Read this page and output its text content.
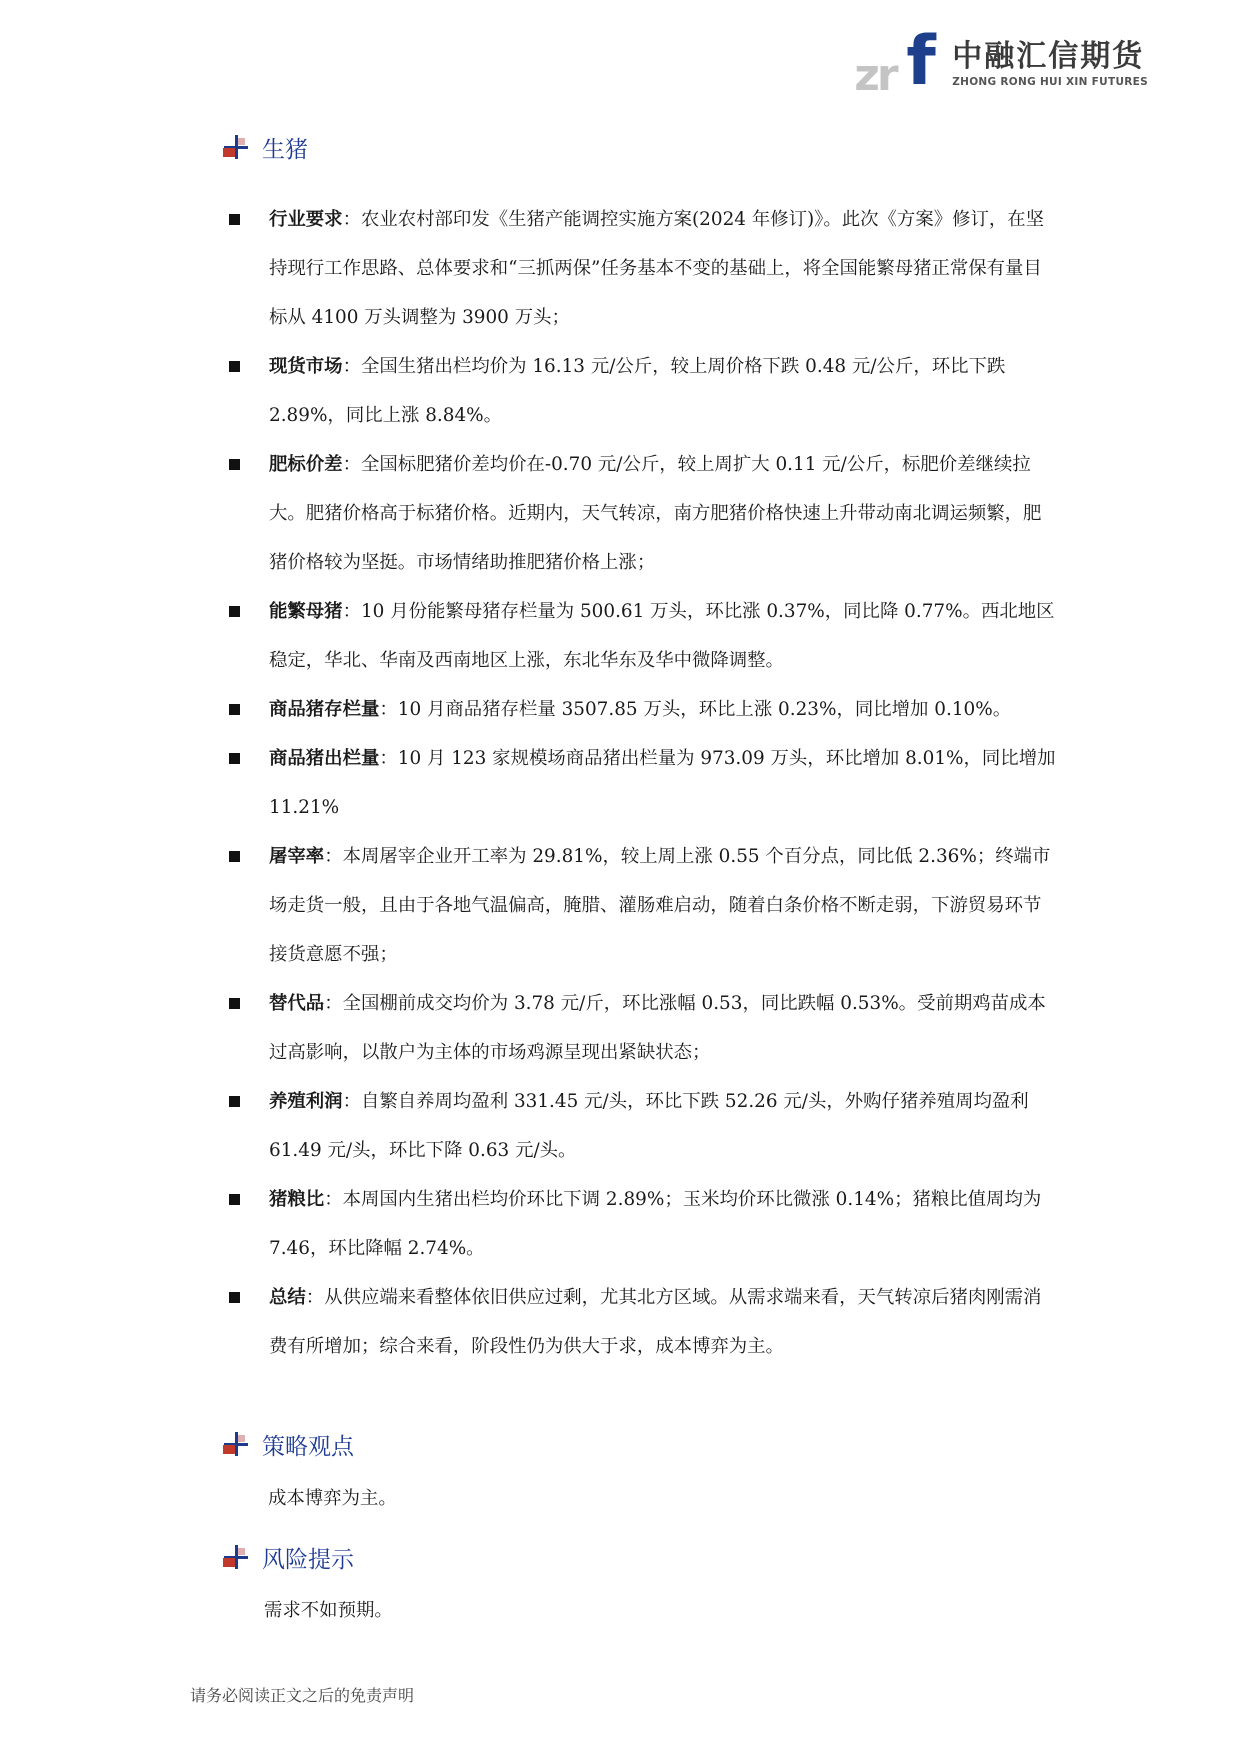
zr f 中融汇信期货
ZHONG RONG HUI XIN FUTURES
生猪
行业要求：农业农村部印发《生猪产能调控实施方案(2024 年修订)》。此次《方案》修订，在坚持现行工作思路、总体要求和“三抓两保”任务基本不变的基础上，将全国能繁母猪正常保有量目标从 4100 万头调整为 3900 万头；
现货市场：全国生猪出栏均价为 16.13 元/公斤，较上周价格下跌 0.48 元/公斤，环比下跌 2.89%，同比上涨 8.84%。
肥标价差：全国标肥猪价差均价在-0.70 元/公斤，较上周扩大 0.11 元/公斤，标肥价差继续拉大。肥猪价格高于标猪价格。近期内，天气转凉，南方肥猪价格快速上升带动南北调运频繁，肥猪价格较为坚挺。市场情绪助推肥猪价格上涨；
能繁母猪：10 月份能繁母猪存栏量为 500.61 万头，环比涨 0.37%，同比降 0.77%。西北地区稳定，华北、华南及西南地区上涨，东北华东及华中微降调整。
商品猪存栏量：10 月商品猪存栏量 3507.85 万头，环比上涨 0.23%，同比增加 0.10%。
商品猪出栏量：10 月 123 家规模场商品猪出栏量为 973.09 万头，环比增加 8.01%，同比增加 11.21%
屠宰率：本周屠宰企业开工率为 29.81%，较上周上涨 0.55 个百分点，同比低 2.36%；终端市场走货一般，且由于各地气温偏高，腌腊、灌肠难启动，随着白条价格不断走弱，下游贸易环节接货意愿不强；
替代品：全国棚前成交均价为 3.78 元/斤，环比涨幅 0.53，同比跌幅 0.53%。受前期鸡苗成本过高影响，以散户为主体的市场鸡源呈现出紧缺状态；
养殖利润：自繁自养周均盈利 331.45 元/头，环比下跌 52.26 元/头，外购仔猪养殖周均盈利 61.49 元/头，环比下降 0.63 元/头。
猪粮比：本周国内生猪出栏均价环比下调 2.89%；玉米均价环比微涨 0.14%；猪粮比值周均为 7.46，环比降幅 2.74%。
总结：从供应端来看整体依旧供应过剩，尤其北方区域。从需求端来看，天气转凉后猪肉刚需消费有所增加；综合来看，阶段性仍为供大于求，成本博弈为主。
策略观点
成本博弈为主。
风险提示
需求不如预期。
请务必阅读正文之后的免责声明
